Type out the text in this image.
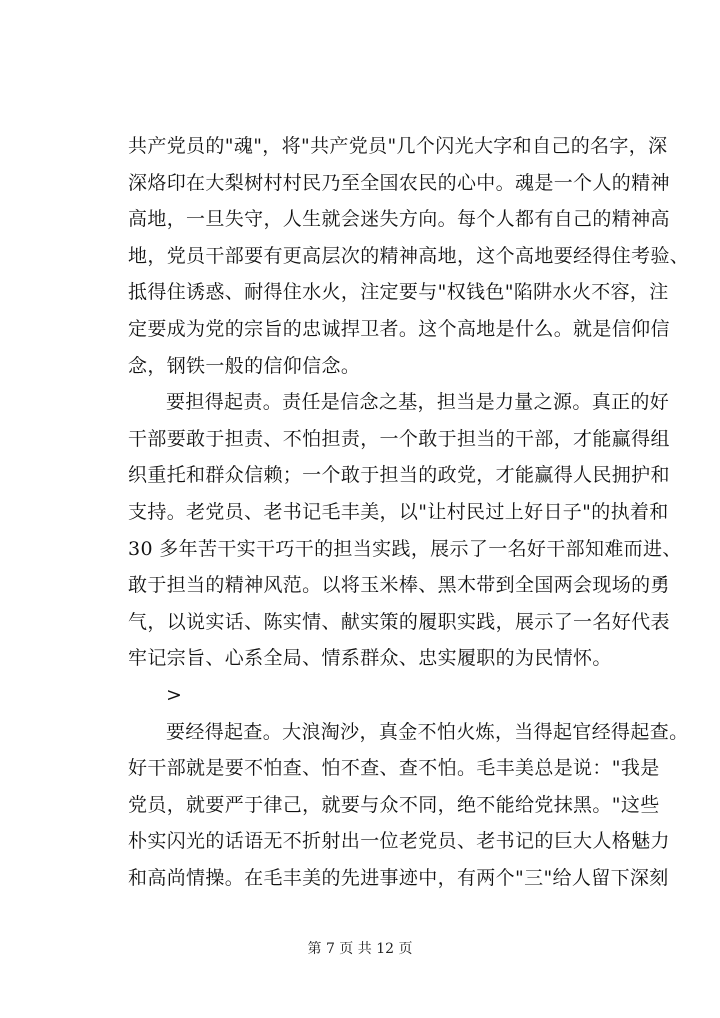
共产党员的"魂"，将"共产党员"几个闪光大字和自己的名字，深
深烙印在大梨树村村民乃至全国农民的心中。魂是一个人的精神
高地，一旦失守，人生就会迷失方向。每个人都有自己的精神高
地，党员干部要有更高层次的精神高地，这个高地要经得住考验、
抵得住诱惑、耐得住水火，注定要与"权钱色"陷阱水火不容，注
定要成为党的宗旨的忠诚捍卫者。这个高地是什么。就是信仰信
念，钢铁一般的信仰信念。
要担得起责。责任是信念之基，担当是力量之源。真正的好
干部要敢于担责、不怕担责，一个敢于担当的干部，才能赢得组
织重托和群众信赖；一个敢于担当的政党，才能赢得人民拥护和
支持。老党员、老书记毛丰美，以"让村民过上好日子"的执着和
30 多年苦干实干巧干的担当实践，展示了一名好干部知难而进、
敢于担当的精神风范。以将玉米棒、黑木带到全国两会现场的勇
气，以说实话、陈实情、献实策的履职实践，展示了一名好代表
牢记宗旨、心系全局、情系群众、忠实履职的为民情怀。
>
要经得起查。大浪淘沙，真金不怕火炼，当得起官经得起查。
好干部就是要不怕查、怕不查、查不怕。毛丰美总是说："我是
党员，就要严于律己，就要与众不同，绝不能给党抹黑。"这些
朴实闪光的话语无不折射出一位老党员、老书记的巨大人格魅力
和高尚情操。在毛丰美的先进事迹中，有两个"三"给人留下深刻
第 7 页 共 12 页
